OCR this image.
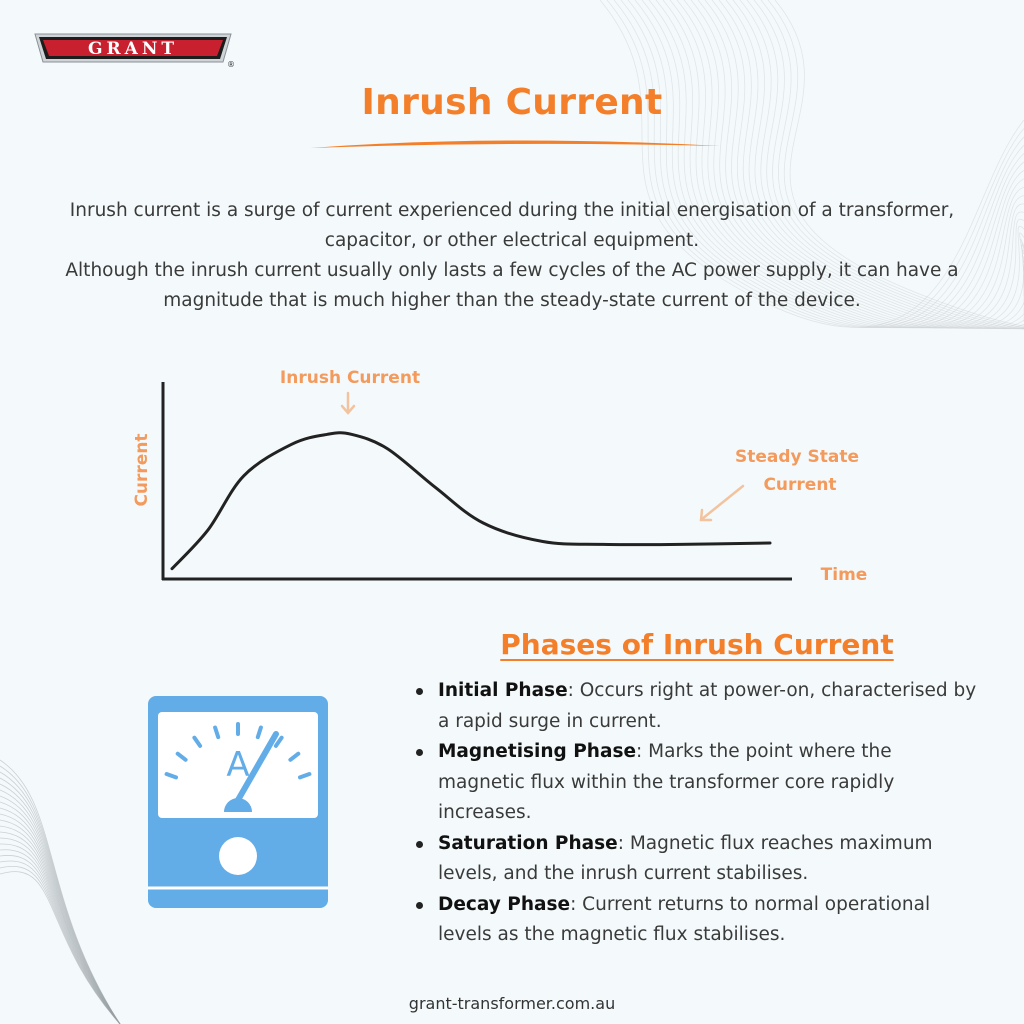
GRANT
®
Inrush Current

Inrush current is a surge of current experienced during the initial energisation of a transformer, capacitor, or other electrical equipment.

Although the inrush current usually only lasts a few cycles of the AC power supply, it can have a magnitude that is much higher than the steady-state current of the device.

Current
Time
Inrush Current
Steady State Current
Phases of Inrush Current
A
Initial Phase: Occurs right at power-on, characterised by a rapid surge in current.
Magnetising Phase: Marks the point where the magnetic flux within the transformer core rapidly increases.
Saturation Phase: Magnetic flux reaches maximum levels, and the inrush current stabilises.
Decay Phase: Current returns to normal operational levels as the magnetic flux stabilises.
grant-transformer.com.au
